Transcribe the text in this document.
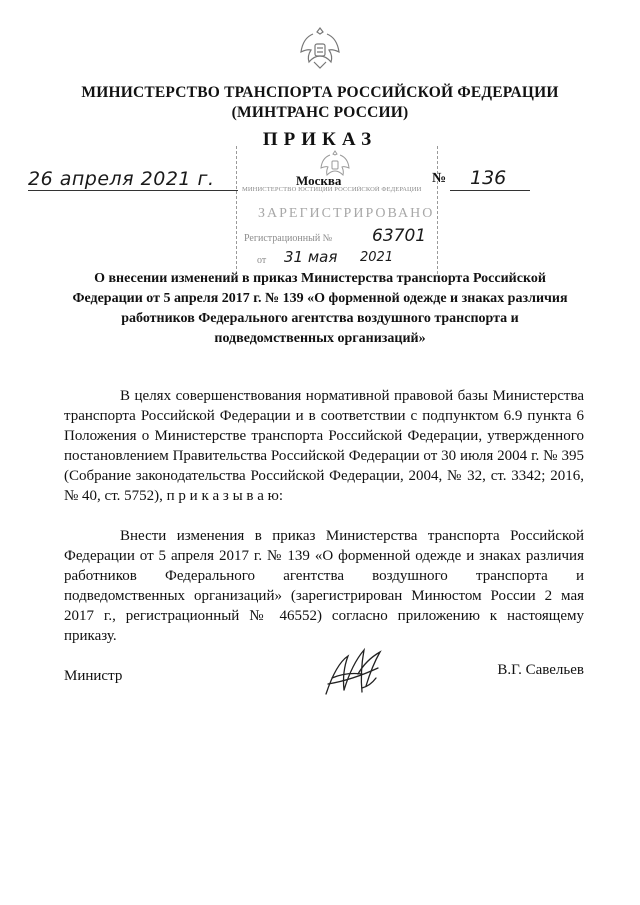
МИНИСТЕРСТВО ТРАНСПОРТА РОССИЙСКОЙ ФЕДЕРАЦИИ
(МИНТРАНС РОССИИ)
ПРИКАЗ
МИНИСТЕРСТВО ЮСТИЦИИ РОССИЙСКОЙ ФЕДЕРАЦИИ
ЗАРЕГИСТРИРОВАНО
Регистрационный №
от
26 апреля 2021 г.	Москва	№ 136
63701
31 мая 2021
О внесении изменений в приказ Министерства транспорта Российской Федерации от 5 апреля 2017 г. № 139 «О форменной одежде и знаках различия работников Федерального агентства воздушного транспорта и подведомственных организаций»
В целях совершенствования нормативной правовой базы Министерства транспорта Российской Федерации и в соответствии с подпунктом 6.9 пункта 6 Положения о Министерстве транспорта Российской Федерации, утвержденного постановлением Правительства Российской Федерации от 30 июля 2004 г. № 395 (Собрание законодательства Российской Федерации, 2004, № 32, ст. 3342; 2016, № 40, ст. 5752), п р и к а з ы в а ю:
Внести изменения в приказ Министерства транспорта Российской Федерации от 5 апреля 2017 г. № 139 «О форменной одежде и знаках различия работников Федерального агентства воздушного транспорта и подведомственных организаций» (зарегистрирован Минюстом России 2 мая 2017 г., регистрационный № 46552) согласно приложению к настоящему приказу.
Министр	В.Г. Савельев
